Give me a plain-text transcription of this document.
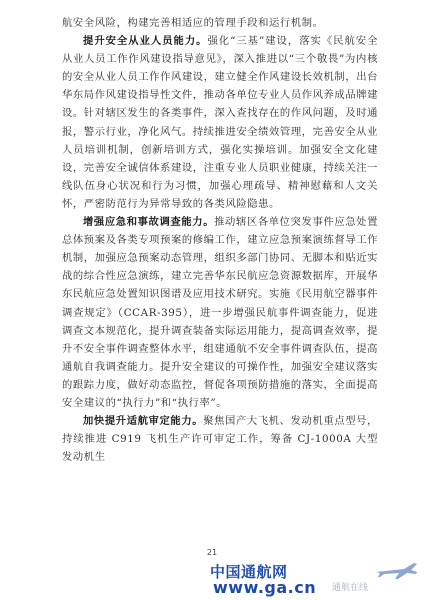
航安全风险，构建完善相适应的管理手段和运行机制。

提升安全从业人员能力。强化“三基”建设，落实《民航安全从业人员工作作风建设指导意见》，深入推进以“三个敬畏”为内核的安全从业人员工作作风建设，建立健全作风建设长效机制，出台华东局作风建设指导性文件，推动各单位专业人员作风养成品牌建设。针对辖区发生的各类事件，深入查找存在的作风问题，及时通报，警示行业，净化风气。持续推进安全绩效管理，完善安全从业人员培训机制，创新培训方式，强化实操培训。加强安全文化建设，完善安全诚信体系建设，注重专业人员职业健康，持续关注一线队伍身心状况和行为习惯，加强心理疏导、精神慰藉和人文关怀，严密防范行为异常导致的各类风险隐患。

增强应急和事故调查能力。推动辖区各单位突发事件应急处置总体预案及各类专项预案的修编工作，建立应急预案演练督导工作机制，加强应急预案动态管理，组织多部门协同、无脚本和贴近实战的综合性应急演练，建立完善华东民航应急资源数据库，开展华东民航应急处置知识图谱及应用技术研究。实施《民用航空器事件调查规定》（CCAR-395），进一步增强民航事件调查能力，促进调查文本规范化，提升调查装备实际运用能力，提高调查效率，提升不安全事件调查整体水平，组建通航不安全事件调查队伍，提高通航自我调查能力。提升安全建议的可操作性，加强安全建议落实的跟踪力度，做好动态监控，督促各项预防措施的落实，全面提高安全建议的“执行力”和“执行率”。

加快提升适航审定能力。聚焦国产大飞机、发动机重点型号，持续推进 C919 飞机生产许可审定工作，筹备 CJ-1000A 大型发动机生

21
中国通航网
www.ga.cn 通航在线
